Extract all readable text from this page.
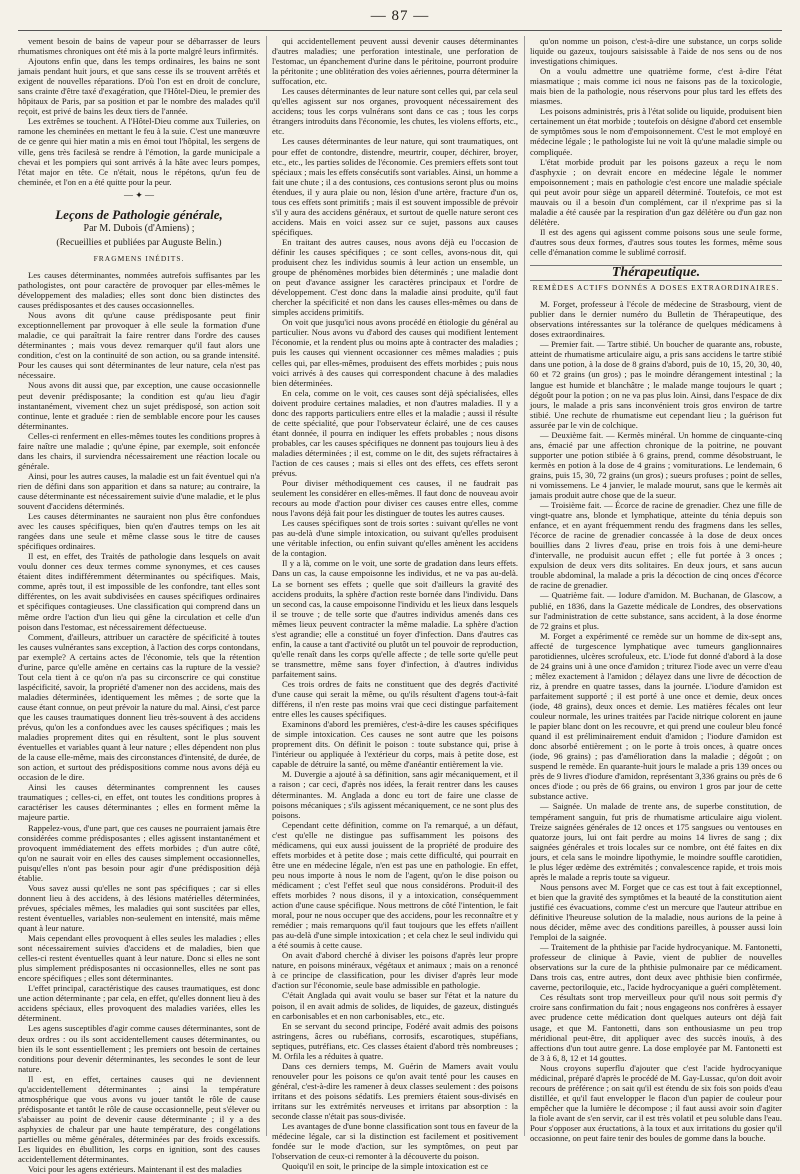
— 87 —

vement besoin de bains de vapeur pour se débarrasser de leurs rhumatismes chroniques ont été mis à la porte malgré leurs infirmités.

Ajoutons enfin que, dans les temps ordinaires, les bains ne sont jamais pendant huit jours, et que sans cesse ils se trouvent arrêtés et exigent de nouvelles réparations. D'où l'on est en droit de conclure, sans crainte d'être taxé d'exagération, que l'Hôtel-Dieu, le premier des hôpitaux de Paris, par sa position et par le nombre des malades qu'il reçoit, est privé de bains les deux tiers de l'année.

Les extrêmes se touchent. A l'Hôtel-Dieu comme aux Tuileries, on ramone les cheminées en mettant le feu à la suie. C'est une manœuvre de ce genre qui hier matin a mis en émoi tout l'hôpital, les sergens de ville, gens très facilesà se rendre à l'émotion, la garde municipale a chevai et les pompiers qui sont arrivés à la hâte avec leurs pompes, l'état major en tête. Ce n'était, nous le répétons, qu'un feu de cheminée, et l'on en a été quitte pour la peur.

— ✦ —
Leçons de Pathologie générale,
Par M. Dubois (d'Amiens) ;
(Recueillies et publiées par Auguste Belin.)
FRAGMENS INÉDITS.

Les causes déterminantes, nommées autrefois suffisantes par les pathologistes, ont pour caractère de provoquer par elles-mêmes le développement des maladies; elles sont donc bien distinctes des causes prédisposantes et des causes occasionnelles.

Nous avons dit qu'une cause prédisposante peut finir exceptionnellement par provoquer à elle seule la formation d'une maladie, ce qui paraîtrait la faire rentrer dans l'ordre des causes déterminantes ; mais vous devez remarquer qu'il faut alors une condition, c'est on la continuité de son action, ou sa grande intensité. Pour les causes qui sont déterminantes de leur nature, cela n'est pas nécessaire.

Nous avons dit aussi que, par exception, une cause occasionnelle peut devenir prédisposante; la condition est qu'au lieu d'agir instantanément, vivement chez un sujet prédisposé, son action soit continue, lente et graduée : rien de semblable encore pour les causes déterminantes.

Celles-ci renferment en elles-mêmes toutes les conditions propres à faire naître une maladie ; qu'une épine, par exemple, soit enfoncée dans les chairs, il surviendra nécessairement une réaction locale ou générale.

Ainsi, pour les autres causes, la maladie est un fait éventuel qui n'a rien de défini dans son apparition et dans sa nature; au contraire, la cause déterminante est nécessairement suivie d'une maladie, et le plus souvent d'accidens déterminés.

Les causes déterminantes ne sauraient non plus être confondues avec les causes spécifiques, bien qu'en d'autres temps on les ait rangées dans une seule et même classe sous le titre de causes spécifiques ordinaires.

Il est, en effet, des Traités de pathologie dans lesquels on avait voulu donner ces deux termes comme synonymes, et ces causes étaient dites indifféremment déterminantes ou spécifiques. Mais, comme, après tout, il est impossible de les confondre, tant elles sont différentes, on les avait subdivisées en causes spécifiques ordinaires et spécifiques contagieuses. Une classification qui comprend dans un même ordre l'action d'un lieu qui gêne la circulation et celle d'un poison dans l'estomac, est nécessairement défectueuse.

Comment, d'ailleurs, attribuer un caractère de spécificité à toutes les causes vulnérantes sans exception, à l'action des corps contondans, par exemple? A certains actes de l'économie, tels que la rétention d'urine, parce qu'elle amène en certains cas la rupture de la vessie? Tout cela tient à ce qu'on n'a pas su circonscrire ce qui constitue laspécificité, savoir, la propriété d'amener non des accidens, mais des maladies déterminées, identiquement les mêmes ; de sorte que la cause étant connue, on peut prévoir la nature du mal. Ainsi, c'est parce que les causes traumatiques donnent lieu très-souvent à des accidens prévus, qu'on les a confondues avec les causes spécifiques ; mais les maladies proprement dites qui en résultent, sont le plus souvent éventuelles et variables quant à leur nature ; elles dépendent non plus de la cause elle-même, mais des circonstances d'intensité, de durée, de son action, et surtout des prédispositions comme nous avons déjà eu occasion de le dire.

Ainsi les causes déterminantes comprennent les causes traumatiques ; celles-ci, en effet, ont toutes les conditions propres à caractériser les causes déterminantes ; elles en forment même la majeure partie.

Rappelez-vous, d'une part, que ces causes ne pourraient jamais être considérées comme prédisposantes ; elles agissent instantanément et provoquent immédiatement des effets morbides ; d'un autre côté, qu'on ne saurait voir en elles des causes simplement occasionnelles, puisqu'elles n'ont pas besoin pour agir d'une prédisposition déjà établie.

Vous savez aussi qu'elles ne sont pas spécifiques ; car si elles donnent lieu à des accidens, à des lésions matérielles déterminées, prévues, spéciales mêmes, les maladies qui sont suscitées par elles, restent éventuelles, variables non-seulement en intensité, mais même quant à leur nature.

Mais cependant elles provoquent à elles seules les maladies ; elles sont nécessairement suivies d'accidens et de maladies, bien que celles-ci restent éventuelles quant à leur nature. Donc si elles ne sont plus simplement prédisposantes ni occasionnelles, elles ne sont pas encore spécifiques ; elles sont déterminantes.

L'effet principal, caractéristique des causes traumatiques, est donc une action déterminante ; par cela, en effet, qu'elles donnent lieu à des accidens spéciaux, elles provoquent des maladies variées, elles les déterminent.

Les agens susceptibles d'agir comme causes déterminantes, sont de deux ordres : ou ils sont accidentellement causes déterminantes, ou bien ils le sont essentiellement ; les premiers ont besoin de certaines conditions pour devenir déterminantes, les secondes le sont de leur nature.

Il est, en effet, certaines causes qui ne deviennent qu'accidentellement déterminantes ; ainsi la température atmosphérique que vous avons vu jouer tantôt le rôle de cause prédisposante et tantôt le rôle de cause occasionnelle, peut s'élever ou s'abaisser au point de devenir cause déterminante ; il y a des asphyxies de chaleur par une haute température, des congélations partielles ou même générales, déterminées par des froids excessifs. Les liquides en ébullition, les corps en ignition, sont des causes accidentellement déterminantes.

Voici pour les agens extérieurs. Maintenant il est des maladies

qui accidentellement peuvent aussi devenir causes déterminantes d'autres maladies; une perforation intestinale, une perforation de l'estomac, un épanchement d'urine dans le péritoine, pourront produire la péritonite ; une oblitération des voies aériennes, pourra déterminer la suffocation, etc.

Les causes déterminantes de leur nature sont celles qui, par cela seul qu'elles agissent sur nos organes, provoquent nécessairement des accidens; tous les corps vulnérans sont dans ce cas ; tous les corps étrangers introduits dans l'économie, les chutes, les violens efforts, etc., etc.

Les causes déterminantes de leur nature, qui sont traumatiques, ont pour effet de contondre, distendre, meurtrir, couper, déchirer, broyer, etc., etc., les parties solides de l'économie. Ces premiers effets sont tout spéciaux ; mais les effets consécutifs sont variables. Ainsi, un homme a fait une chute ; il a des contusions, ces contusions seront plus ou moins étendues, il y aura plaie ou non, lésion d'une artère, fracture d'un os, tous ces effets sont primitifs ; mais il est souvent impossible de prévoir s'il y aura des accidens généraux, et surtout de quelle nature seront ces accidens. Mais en voici assez sur ce sujet, passons aux causes spécifiques.

En traitant des autres causes, nous avons déjà eu l'occasion de définir les causes spécifiques ; ce sont celles, avons-nous dit, qui produisent chez les individus soumis à leur action un ensemble, un groupe de phénomènes morbides bien déterminés ; une maladie dont on peut d'avance assigner les caractères principaux et l'ordre de développement. C'est donc dans la maladie ainsi produite, qu'il faut chercher la spécificité et non dans les causes elles-mêmes ou dans de simples accidens primitifs.

On voit que jusqu'ici nous avons procédé en étiologie du général au particulier. Nous avons vu d'abord des causes qui modifient lentement l'économie, et la rendent plus ou moins apte à contracter des maladies ; puis les causes qui viennent occasionner ces mêmes maladies ; puis celles qui, par elles-mêmes, produisent des effets morbides ; puis nous voici arrivés à des causes qui correspondent chacune à des maladies bien déterminées.

En cela, comme on le voit, ces causes sont déjà spécialisées, elles doivent produire certaines maladies, et non d'autres maladies. Il y a donc des rapports particuliers entre elles et la maladie ; aussi il résulte de cette spécialité, que pour l'observateur éclairé, une de ces causes étant donnée, il pourra en indiquer les effets probables ; nous disons probables, car les causes spécifiques ne donnent pas toujours lieu à des maladies déterminées ; il est, comme on le dit, des sujets réfractaires à l'action de ces causes ; mais si elles ont des effets, ces effets seront prévus.

Pour diviser méthodiquement ces causes, il ne faudrait pas seulement les considérer en elles-mêmes. Il faut donc de nouveau avoir recours au mode d'action pour diviser ces causes entre elles, comme nous l'avons déjà fait pour les distinguer de toutes les autres causes.

Les causes spécifiques sont de trois sortes : suivant qu'elles ne vont pas au-delà d'une simple intoxication, ou suivant qu'elles produisent une véritable infection, ou enfin suivant qu'elles amènent les accidens de la contagion.

Il y a là, comme on le voit, une sorte de gradation dans leurs effets. Dans un cas, la cause empoisonne les individus, et ne va pas au-delà. La se bornent ses effets ; quelle que soit d'ailleurs la gravité des accidens produits, la sphère d'action reste bornée dans l'individu. Dans un second cas, la cause empoisonne l'individu et les lieux dans lesquels il se trouve ; de telle sorte que d'autres individus amenés dans ces mêmes lieux peuvent contracter la même maladie. La sphère d'action s'est agrandie; elle a constitué un foyer d'infection. Dans d'autres cas enfin, la cause a tant d'activité ou plutôt un tel pouvoir de reproduction, qu'elle renaît dans les corps qu'elle affecte ; de telle sorte qu'elle peut se transmettre, même sans foyer d'infection, à d'autres individus parfaitement sains.

Ces trois ordres de faits ne constituent que des degrés d'activité d'une cause qui serait la même, ou qu'ils résultent d'agens tout-à-fait différens, il n'en reste pas moins vrai que ceci distingue parfaitement entre elles les causes spécifiques.

Examinons d'abord les premières, c'est-à-dire les causes spécifiques de simple intoxication. Ces causes ne sont autre que les poisons proprement dits. On définit le poison : toute substance qui, prise à l'intérieur ou appliquée à l'extérieur du corps, mais à petite dose, est capable de détruire la santé, ou même d'anéantir entièrement la vie.

M. Duvergie a ajouté à sa définition, sans agir mécaniquement, et il a raison ; car ceci, d'après nos idées, la ferait rentrer dans les causes déterminantes. M. Anglada a donc eu tort de faire une classe de poisons mécaniques ; s'ils agissent mécaniquement, ce ne sont plus des poisons.

Cependant cette définition, comme on l'a remarqué, a un défaut, c'est qu'elle ne distingue pas suffisamment les poisons des médicamens, qui eux aussi jouissent de la propriété de produire des effets morbides et à petite dose ; mais cette difficulté, qui pourrait en être une en médecine légale, n'en est pas une en pathologie. En effet, peu nous importe à nous le nom de l'agent, qu'on le dise poison ou médicament ; c'est l'effet seul que nous considérons. Produit-il des effets morbides ? nous disons, il y a intoxication, conséquemment action d'une cause spécifique. Nous mettrons de côté l'intention, le fait moral, pour ne nous occuper que des accidens, pour les reconnaître et y remédier ; mais remarquons qu'il faut toujours que les effets n'aillent pas au-delà d'une simple intoxication ; et cela chez le seul individu qui a été soumis à cette cause.

On avait d'abord cherché à diviser les poisons d'après leur propre nature, en poisons minéraux, végétaux et animaux ; mais on a renoncé à ce principe de classification, pour les diviser d'après leur mode d'action sur l'économie, seule base admissible en pathologie.

C'était Anglada qui avait voulu se baser sur l'état et la nature du poison, il en avait admis de solides, de liquides, de gazeux, distingués en carbonisables et en non carbonisables, etc., etc.

En se servant du second principe, Fodéré avait admis des poisons astringens, âcres ou rubéfians, corrosifs, escarotiques, stupéfians, septiques, putréfians, etc. Ces classes étaient d'abord très nombreuses ; M. Orfila les a réduites à quatre.

Dans ces derniers temps, M. Guérin de Mamers avait voulu renouveler pour les poisons ce qu'on avait tenté pour les causes en général, c'est-à-dire les ramener à deux classes seulement : des poisons irritans et des poisons sédatifs. Les premiers étaient sous-divisés en irritans sur les extrémités nerveuses et irritans par absorption : la seconde classe n'était pas sous-divisée.

Les avantages de d'une bonne classification sont tous en faveur de la médecine légale, car si la distinction est facilement et positivement fondée sur le mode d'action, sur les symptômes, on peut par l'observation de ceux-ci remonter à la découverte du poison.

Quoiqu'il en soit, le principe de la simple intoxication est ce

qu'on nomme un poison, c'est-à-dire une substance, un corps solide liquide ou gazeux, toujours saisissable à l'aide de nos sens ou de nos investigations chimiques.

On a voulu admettre une quatrième forme, c'est à-dire l'état miasmatique ; mais comme ici nous ne faisons pas de la toxicologie, mais bien de la pathologie, nous réservons pour plus tard les effets des miasmes.

Les poisons administrés, pris à l'état solide ou liquide, produisent bien certainement un état morbide ; toutefois on désigne d'abord cet ensemble de symptômes sous le nom d'empoisonnement. C'est le mot employé en médecine légale ; le pathologiste lui ne voit là qu'une maladie simple ou compliquée.

L'état morbide produit par les poisons gazeux a reçu le nom d'asphyxie ; on devrait encore en médecine légale le nommer empoisonnement ; mais en pathologie c'est encore une maladie spéciale qui peut avoir pour siège un appareil déterminé. Toutefois, ce mot est mauvais ou il a besoin d'un complément, car il n'exprime pas si la maladie a été causée par la respiration d'un gaz délétère ou d'un gaz non délétère.

Il est des agens qui agissent comme poisons sous une seule forme, d'autres sous deux formes, d'autres sous toutes les formes, même sous celle d'émanation comme le sublimé corrosif.

Thérapeutique.
REMÈDES ACTIFS DONNÉS A DOSES EXTRAORDINAIRES.

M. Forget, professeur à l'école de médecine de Strasbourg, vient de publier dans le dernier numéro du Bulletin de Thérapeutique, des observations intéressantes sur la tolérance de quelques médicamens à doses extraordinaires.

— Premier fait. — Tartre stibié. Un boucher de quarante ans, robuste, atteint de rhumatisme articulaire aigu, a pris sans accidens le tartre stibié dans une potion, à la dose de 8 grains d'abord, puis de 10, 15, 20, 30, 40, 60 et 72 grains (un gros) ; pas le moindre dérangement intestinal ; la langue est humide et blanchâtre ; le malade mange toujours le quart ; dégoût pour la potion ; on ne va pas plus loin. Ainsi, dans l'espace de dix jours, le malade a pris sans inconvénient trois gros environ de tartre stibié. Une rechute de rhumatisme eut cependant lieu ; la guérison fut assurée par le vin de colchique.

— Deuxième fait. — Kermès minéral. Un homme de cinquante-cinq ans, émacié par une affection chronique de la poitrine, ne pouvant supporter une potion stibiée à 6 grains, prend, comme désobstruant, le kermès en potion à la dose de 4 grains ; vomiturations. Le lendemain, 6 grains, puis 15, 30, 72 grains (un gros) ; sueurs profuses ; point de selles, ni vomissemens. Le 4 janvier, le malade mourut, sans que le kermès ait jamais produit autre chose que de la sueur.

— Troisième fait. — Écorce de racine de grenadier. Chez une fille de vingt-quatre ans, blonde et lymphatique, atteinte du ténia depuis son enfance, et en ayant fréquemment rendu des fragmens dans les selles, l'écorce de racine de grenadier concassée à la dose de deux onces bouillies dans 2 livres d'eau, prise en trois fois à une demi-heure d'intervalle, ne produisit aucun effet ; elle fut portée à 3 onces ; expulsion de deux vers dits solitaires. En deux jours, et sans aucun trouble abdominal, la malade a pris la décoction de cinq onces d'écorce de racine de grenadier.

— Quatrième fait. — Iodure d'amidon. M. Buchanan, de Glascow, a publié, en 1836, dans la Gazette médicale de Londres, des observations sur l'administration de cette substance, sans accident, à la dose énorme de 72 grains et plus.

M. Forget a expérimenté ce remède sur un homme de dix-sept ans, affecté de turgescence lymphatique avec tumeurs ganglionnaires parotidiennes, ulcères scrofuleux, etc. L'iode fut donné d'abord à la dose de 24 grains uni à une once d'amidon ; triturez l'iode avec un verre d'eau ; mêlez exactement à l'amidon ; délayez dans une livre de décoction de riz, à prendre en quatre tasses, dans la journée. L'iodure d'amidon est parfaitement supporté ; il est porté à une once et demie, deux onces (iode, 48 grains), deux onces et demie. Les matières fécales ont leur couleur normale, les urines traitées par l'acide nitrique colorent en jaune le papier blanc dont on les recouvre, et qui prend une couleur bleu foncé quand il est préliminairement enduit d'amidon ; l'iodure d'amidon est donc absorbé entièrement ; on le porte à trois onces, à quatre onces (iode, 96 grains) ; pas d'amélioration dans la maladie ; dégoût ; on suspend le remède. En quarante-huit jours le malade a pris 139 onces ou près de 9 livres d'iodure d'amidon, représentant 3,336 grains ou près de 6 onces d'iode ; ou près de 66 grains, ou environ 1 gros par jour de cette substance active.

— Saignée. Un malade de trente ans, de superbe constitution, de tempérament sanguin, fut pris de rhumatisme articulaire aigu violent. Treize saignées générales de 12 onces et 175 sangsues ou ventouses en quatorze jours, lui ont fait perdre au moins 14 livres de sang ; dix saignées générales et trois locales sur ce nombre, ont été faites en dix jours, et cela sans le moindre lipothymie, le moindre souffle carotidien, le plus léger œdème des extrémités ; convalescence rapide, et trois mois après le malade a repris toute sa vigueur.

Nous pensons avec M. Forget que ce cas est tout à fait exceptionnel, et bien que la gravité des symptômes et la beauté de la constitution aient justifié ces évacuations, comme c'est un mercure que l'auteur attribue en définitive l'heureuse solution de la maladie, nous aurions de la peine à nous décider, même avec des conditions pareilles, à pousser aussi loin l'emploi de la saignée.

— Traitement de la phthisie par l'acide hydrocyanique. M. Fantonetti, professeur de clinique à Pavie, vient de publier de nouvelles observations sur la cure de la phthisie pulmonaire par ce médicament. Dans trois cas, entre autres, dont deux avec phthisie bien confirmée, caverne, pectoriloquie, etc., l'acide hydrocyanique a guéri complètement.

Ces résultats sont trop merveilleux pour qu'il nous soit permis d'y croire sans confirmation du fait ; nous engageons nos confrères à essayer avec prudence cette médication dont quelques auteurs ont déjà fait usage, et que M. Fantonetti, dans son enthousiasme un peu trop méridional peut-être, dit appliquer avec des succès inouïs, à des affections d'un tout autre genre. La dose employée par M. Fantonetti est de 3 à 6, 8, 12 et 14 gouttes.

Nous croyons superflu d'ajouter que c'est l'acide hydrocyanique médicinal, préparé d'après le procédé de M. Gay-Lussac, qu'on doit avoir recours de préférence ; on sait qu'il est étendu de six fois son poids d'eau distillée, et qu'il faut envelopper le flacon d'un papier de couleur pour empêcher que la lumière le décompose ; il faut aussi avoir soin d'agiter la fiole avant de s'en servir, car il est très volatil et peu soluble dans l'eau. Pour s'opposer aux éructations, à la toux et aux irritations du gosier qu'il occasionne, on peut faire tenir des boules de gomme dans la bouche.
